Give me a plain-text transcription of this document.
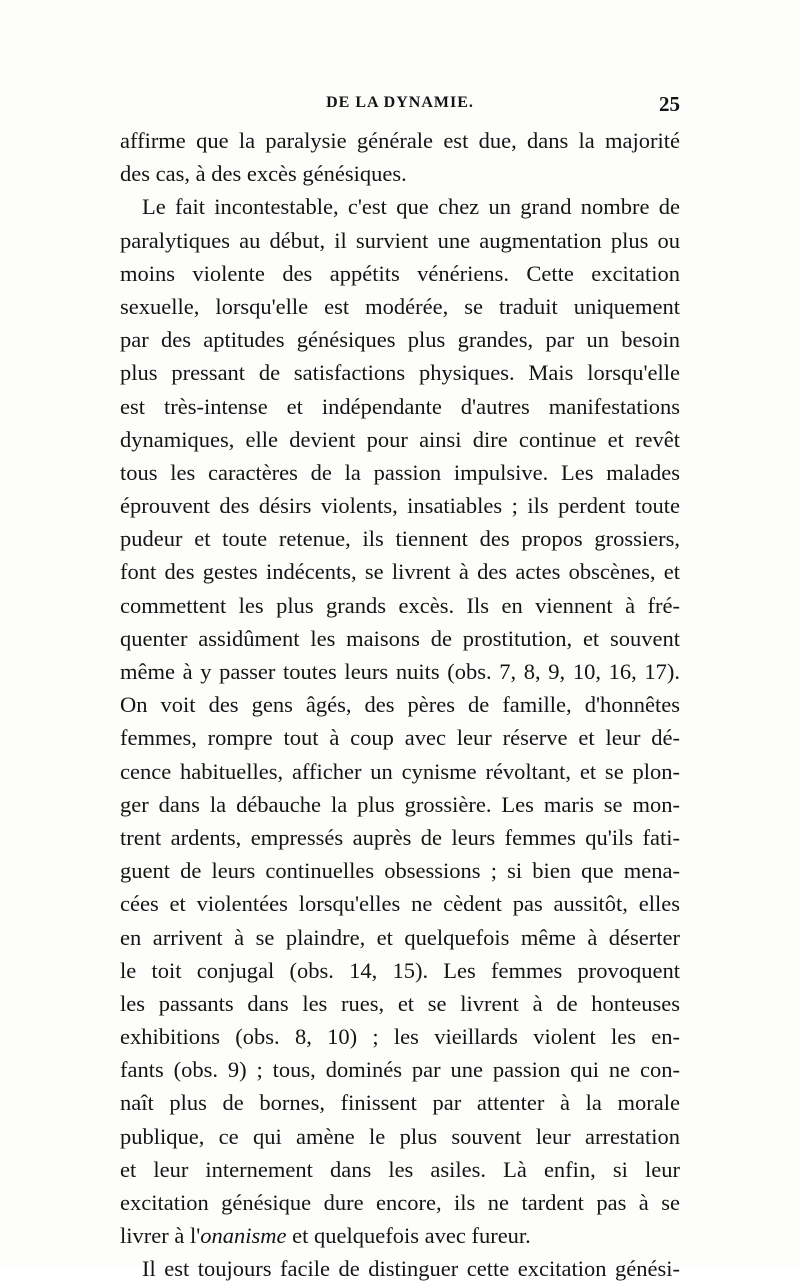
DE LA DYNAMIE.	25
affirme que la paralysie générale est due, dans la majorité
des cas, à des excès génésiques.
Le fait incontestable, c'est que chez un grand nombre de
paralytiques au début, il survient une augmentation plus ou
moins violente des appétits vénériens. Cette excitation
sexuelle, lorsqu'elle est modérée, se traduit uniquement
par des aptitudes génésiques plus grandes, par un besoin
plus pressant de satisfactions physiques. Mais lorsqu'elle
est très-intense et indépendante d'autres manifestations
dynamiques, elle devient pour ainsi dire continue et revêt
tous les caractères de la passion impulsive. Les malades
éprouvent des désirs violents, insatiables ; ils perdent toute
pudeur et toute retenue, ils tiennent des propos grossiers,
font des gestes indécents, se livrent à des actes obscènes, et
commettent les plus grands excès. Ils en viennent à fré-
quenter assidûment les maisons de prostitution, et souvent
même à y passer toutes leurs nuits (obs. 7, 8, 9, 10, 16, 17).
On voit des gens âgés, des pères de famille, d'honnêtes
femmes, rompre tout à coup avec leur réserve et leur dé-
cence habituelles, afficher un cynisme révoltant, et se plon-
ger dans la débauche la plus grossière. Les maris se mon-
trent ardents, empressés auprès de leurs femmes qu'ils fati-
guent de leurs continuelles obsessions ; si bien que mena-
cées et violentées lorsqu'elles ne cèdent pas aussitôt, elles
en arrivent à se plaindre, et quelquefois même à déserter
le toit conjugal (obs. 14, 15). Les femmes provoquent
les passants dans les rues, et se livrent à de honteuses
exhibitions (obs. 8, 10) ; les vieillards violent les en-
fants (obs. 9) ; tous, dominés par une passion qui ne con-
naît plus de bornes, finissent par attenter à la morale
publique, ce qui amène le plus souvent leur arrestation
et leur internement dans les asiles. Là enfin, si leur
excitation génésique dure encore, ils ne tardent pas à se
livrer à l'onanisme et quelquefois avec fureur.
Il est toujours facile de distinguer cette excitation génési-
